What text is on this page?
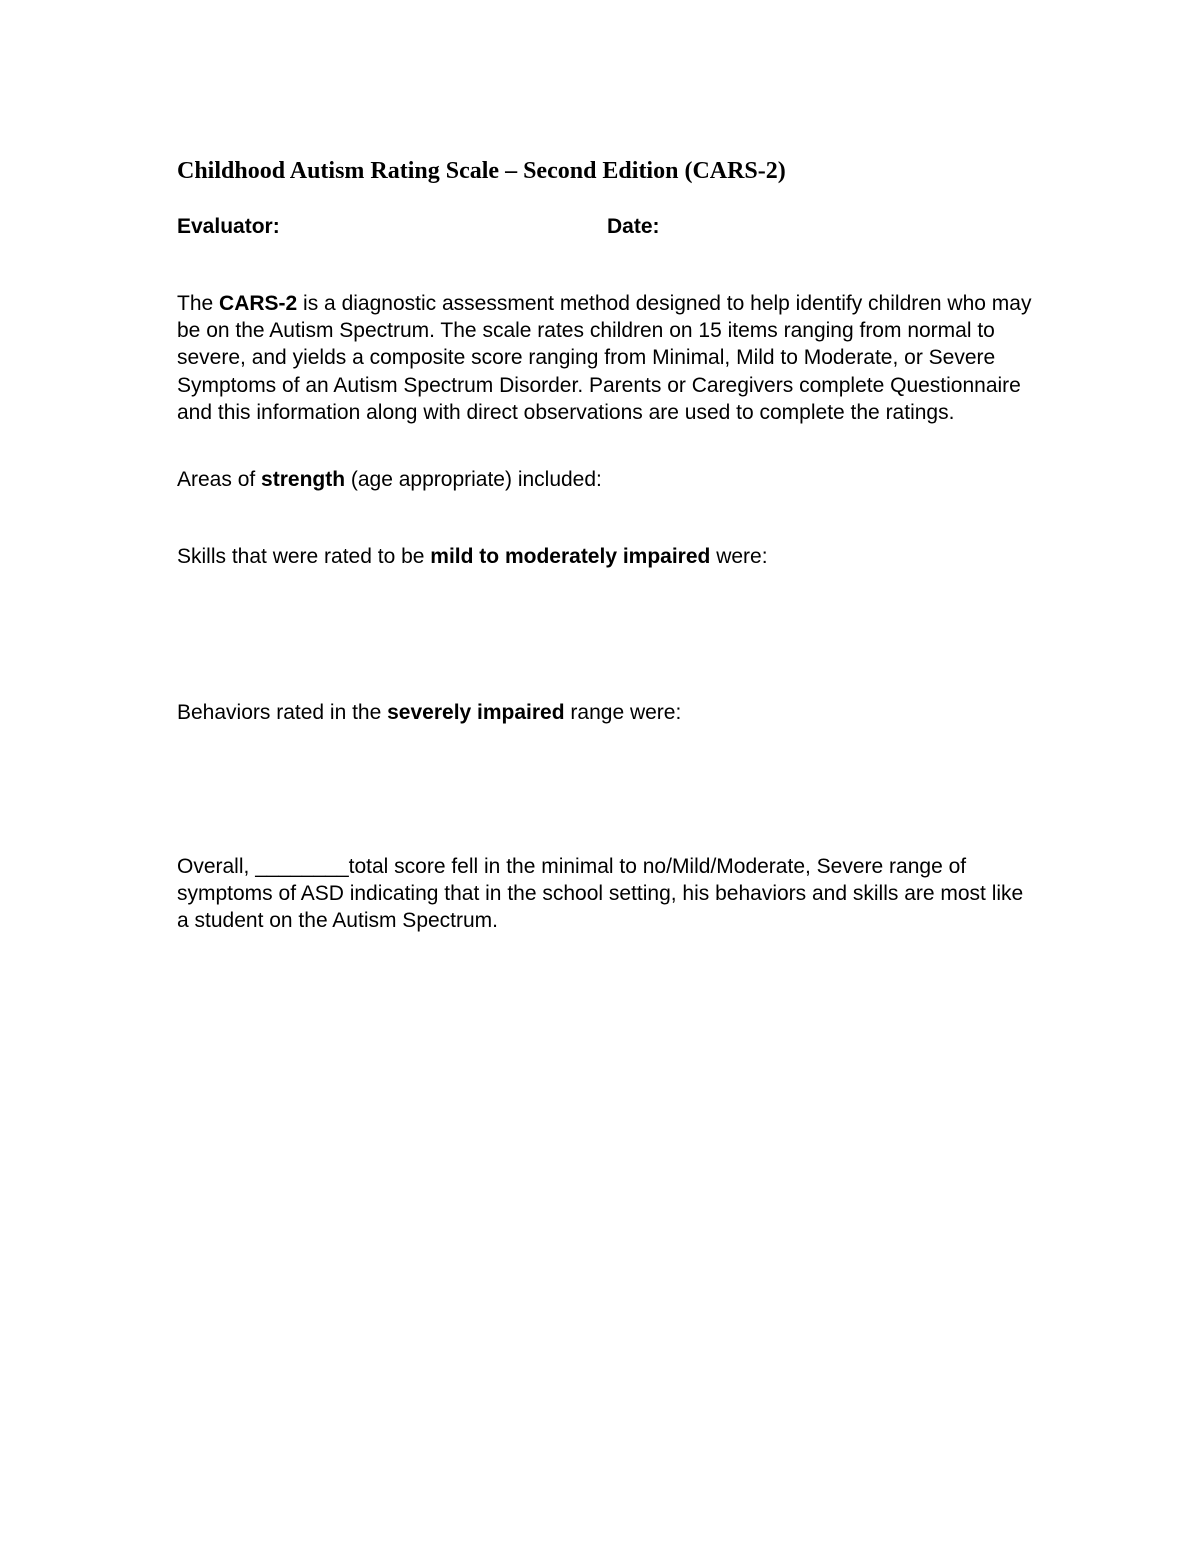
Childhood Autism Rating Scale – Second Edition (CARS-2)
Evaluator:	Date:

The CARS-2 is a diagnostic assessment method designed to help identify children who may be on the Autism Spectrum. The scale rates children on 15 items ranging from normal to severe, and yields a composite score ranging from Minimal, Mild to Moderate, or Severe Symptoms of an Autism Spectrum Disorder. Parents or Caregivers complete Questionnaire and this information along with direct observations are used to complete the ratings.

Areas of strength (age appropriate) included:

Skills that were rated to be mild to moderately impaired were:

Behaviors rated in the severely impaired range were:

Overall, ________total score fell in the minimal to no/Mild/Moderate, Severe range of symptoms of ASD indicating that in the school setting, his behaviors and skills are most like a student on the Autism Spectrum.
